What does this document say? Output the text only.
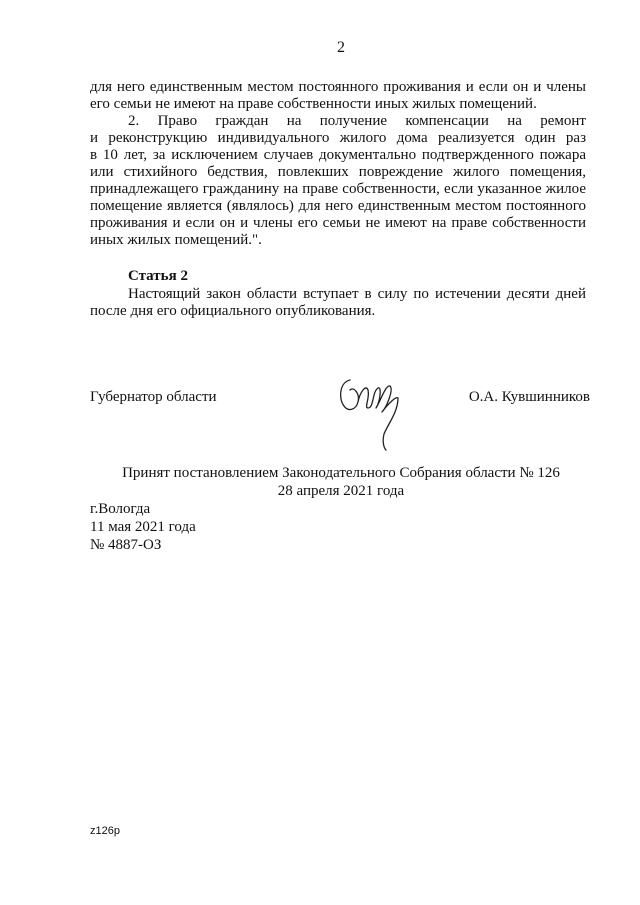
2
для него единственным местом постоянного проживания и если он и члены
его семьи не имеют на праве собственности иных жилых помещений.
2. Право граждан на получение компенсации на ремонт
и реконструкцию индивидуального жилого дома реализуется один раз
в 10 лет, за исключением случаев документально подтвержденного пожара
или стихийного бедствия, повлекших повреждение жилого помещения,
принадлежащего гражданину на праве собственности, если указанное жилое
помещение является (являлось) для него единственным местом постоянного
проживания и если он и члены его семьи не имеют на праве собственности
иных жилых помещений.".
Статья 2
Настоящий закон области вступает в силу по истечении десяти дней
после дня его официального опубликования.
Губернатор области	О.А. Кувшинников
Принят постановлением Законодательного Собрания области № 126
28 апреля 2021 года
г.Вологда
11 мая 2021 года
№ 4887-ОЗ
z126p
